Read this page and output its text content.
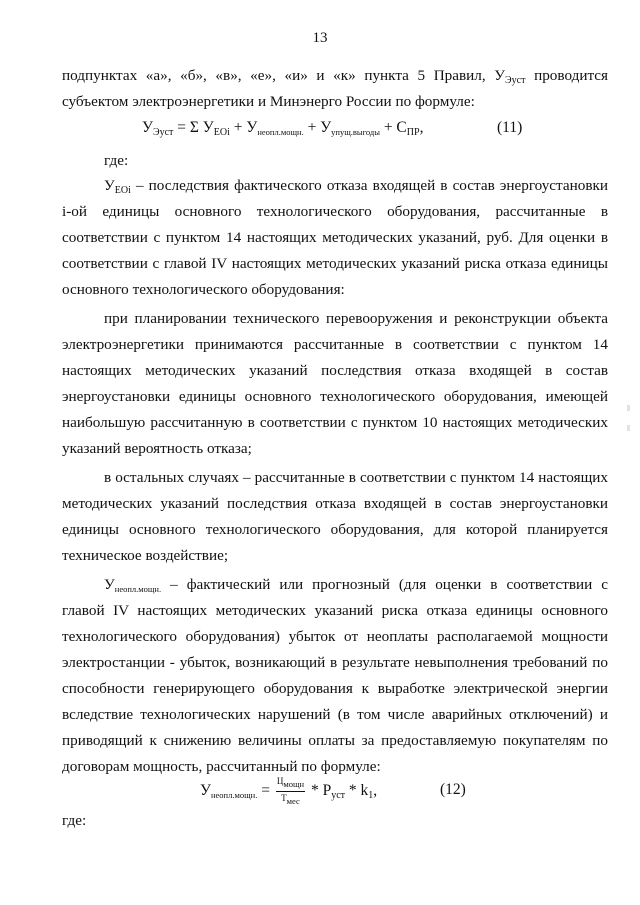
13
подпунктах «а», «б», «в», «е», «и» и «к» пункта 5 Правил, $У_{Эуст}$ проводится
субъектом электроэнергетики и Минэнерго России по формуле:
$У_{Эуст} = \Sigma$ $У_{EOi} + У_{неопл.мощн.} + У_{упущ.выгоды} + С_{ПР}$,	(11)
где:
$У_{EOi}$ – последствия фактического отказа входящей в состав энергоустановки
i-ой единицы основного технологического оборудования, рассчитанные в
соответствии с пунктом 14 настоящих методических указаний, руб. Для оценки в
соответствии с главой IV настоящих методических указаний риска отказа единицы
основного технологического оборудования:
при планировании технического перевооружения и реконструкции объекта
электроэнергетики принимаются рассчитанные в соответствии с пунктом 14
настоящих методических указаний последствия отказа входящей в состав
энергоустановки единицы основного технологического оборудования, имеющей
наибольшую рассчитанную в соответствии с пунктом 10 настоящих методических
указаний вероятность отказа;
в остальных случаях – рассчитанные в соответствии с пунктом 14 настоящих
методических указаний последствия отказа входящей в состав энергоустановки
единицы основного технологического оборудования, для которой планируется
техническое воздействие;
$У_{неопл.мощн.}$ – фактический или прогнозный (для оценки в соответствии с
главой IV настоящих методических указаний риска отказа единицы основного
технологического оборудования) убыток от неоплаты располагаемой мощности
электростанции - убыток, возникающий в результате невыполнения требований по
способности генерирующего оборудования к выработке электрической энергии
вследствие технологических нарушений (в том числе аварийных отключений) и
приводящий к снижению величины оплаты за предоставляемую покупателям по
договорам мощность, рассчитанный по формуле:
$У_{неопл.мощн.} = \frac{\text{Цмощн}}{\text{Тмес}} * P_{уст} * k_1$,	(12)
где:
